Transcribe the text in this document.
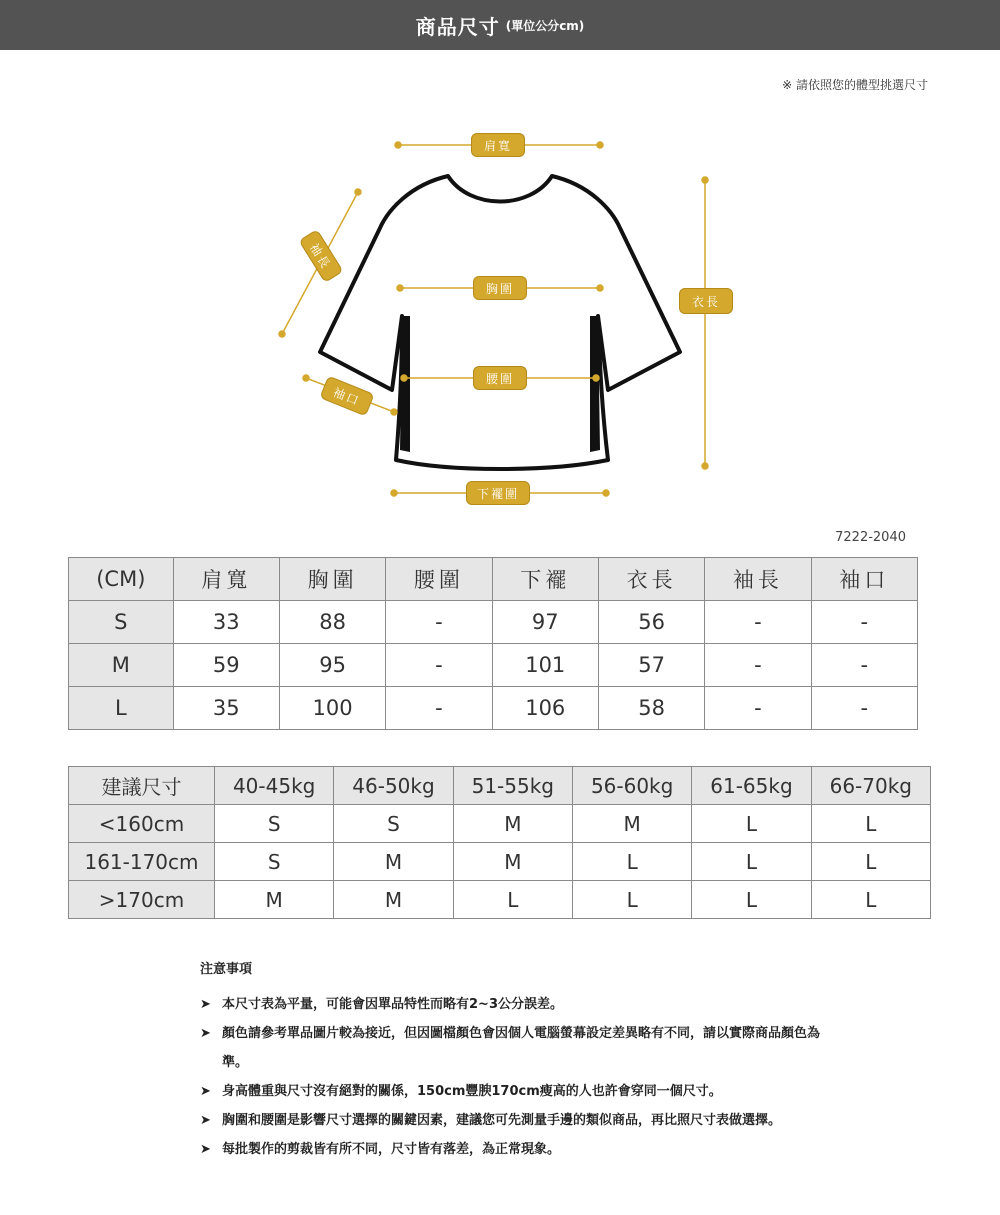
商品尺寸 (單位公分cm)
※ 請依照您的體型挑選尺寸
肩寬
袖長
胸圍
衣長
腰圍
袖口
下襬圍
7222-2040
(CM)	肩寬	胸圍	腰圍	下襬	衣長	袖長	袖口
S	33	88	-	97	56	-	-
M	59	95	-	101	57	-	-
L	35	100	-	106	58	-	-
建議尺寸	40-45kg	46-50kg	51-55kg	56-60kg	61-65kg	66-70kg
<160cm	S	S	M	M	L	L
161-170cm	S	M	M	L	L	L
>170cm	M	M	L	L	L	L
注意事項
➤ 本尺寸表為平量，可能會因單品特性而略有2~3公分誤差。
➤ 顏色請參考單品圖片較為接近，但因圖檔顏色會因個人電腦螢幕設定差異略有不同，請以實際商品顏色為準。
➤ 身高體重與尺寸沒有絕對的關係，150cm豐腴170cm瘦高的人也許會穿同一個尺寸。
➤ 胸圍和腰圍是影響尺寸選擇的關鍵因素，建議您可先測量手邊的類似商品，再比照尺寸表做選擇。
➤ 每批製作的剪裁皆有所不同，尺寸皆有落差，為正常現象。
